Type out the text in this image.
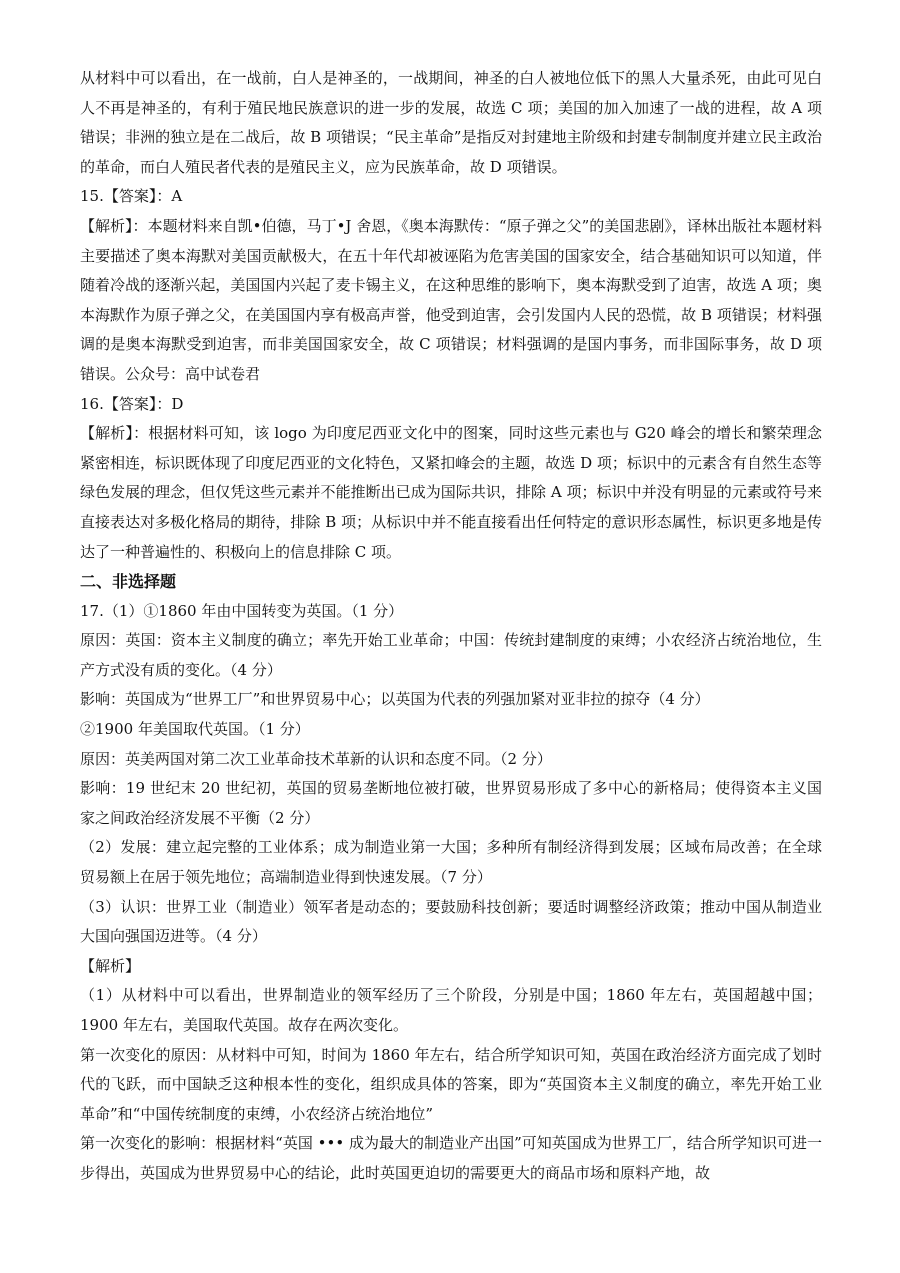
从材料中可以看出，在一战前，白人是神圣的，一战期间，神圣的白人被地位低下的黑人大量杀死，由此可见白人不再是神圣的，有利于殖民地民族意识的进一步的发展，故选 C 项；美国的加入加速了一战的进程，故 A 项错误；非洲的独立是在二战后，故 B 项错误；“民主革命”是指反对封建地主阶级和封建专制制度并建立民主政治的革命，而白人殖民者代表的是殖民主义，应为民族革命，故 D 项错误。

15.【答案】：A

【解析】：本题材料来自凯•伯德，马丁•J 舍恩，《奥本海默传：“原子弹之父”的美国悲剧》，译林出版社本题材料主要描述了奥本海默对美国贡献极大，在五十年代却被诬陷为危害美国的国家安全，结合基础知识可以知道，伴随着冷战的逐渐兴起，美国国内兴起了麦卡锡主义，在这种思维的影响下，奥本海默受到了迫害，故选 A 项；奥本海默作为原子弹之父，在美国国内享有极高声誉，他受到迫害，会引发国内人民的恐慌，故 B 项错误；材料强调的是奥本海默受到迫害，而非美国国家安全，故 C 项错误；材料强调的是国内事务，而非国际事务，故 D 项错误。公众号：高中试卷君

16.【答案】：D

【解析】：根据材料可知，该 logo 为印度尼西亚文化中的图案，同时这些元素也与 G20 峰会的增长和繁荣理念紧密相连，标识既体现了印度尼西亚的文化特色，又紧扣峰会的主题，故选 D 项；标识中的元素含有自然生态等绿色发展的理念，但仅凭这些元素并不能推断出已成为国际共识，排除 A 项；标识中并没有明显的元素或符号来直接表达对多极化格局的期待，排除 B 项；从标识中并不能直接看出任何特定的意识形态属性，标识更多地是传达了一种普遍性的、积极向上的信息排除 C 项。

二、非选择题

17.（1）①1860 年由中国转变为英国。（1 分）

原因：英国：资本主义制度的确立；率先开始工业革命；中国：传统封建制度的束缚；小农经济占统治地位，生产方式没有质的变化。（4 分）

影响：英国成为“世界工厂”和世界贸易中心；以英国为代表的列强加紧对亚非拉的掠夺（4 分）

②1900 年美国取代英国。（1 分）

原因：英美两国对第二次工业革命技术革新的认识和态度不同。（2 分）

影响：19 世纪末 20 世纪初，英国的贸易垄断地位被打破，世界贸易形成了多中心的新格局；使得资本主义国家之间政治经济发展不平衡（2 分）

（2）发展：建立起完整的工业体系；成为制造业第一大国；多种所有制经济得到发展；区域布局改善；在全球贸易额上在居于领先地位；高端制造业得到快速发展。（7 分）

（3）认识：世界工业（制造业）领军者是动态的；要鼓励科技创新；要适时调整经济政策；推动中国从制造业大国向强国迈进等。（4 分）

【解析】

（1）从材料中可以看出，世界制造业的领军经历了三个阶段，分别是中国；1860 年左右，英国超越中国；1900 年左右，美国取代英国。故存在两次变化。

第一次变化的原因：从材料中可知，时间为 1860 年左右，结合所学知识可知，英国在政治经济方面完成了划时代的飞跃，而中国缺乏这种根本性的变化，组织成具体的答案，即为“英国资本主义制度的确立，率先开始工业革命”和“中国传统制度的束缚，小农经济占统治地位”

第一次变化的影响：根据材料“英国 ••• 成为最大的制造业产出国”可知英国成为世界工厂，结合所学知识可进一步得出，英国成为世界贸易中心的结论，此时英国更迫切的需要更大的商品市场和原料产地，故
